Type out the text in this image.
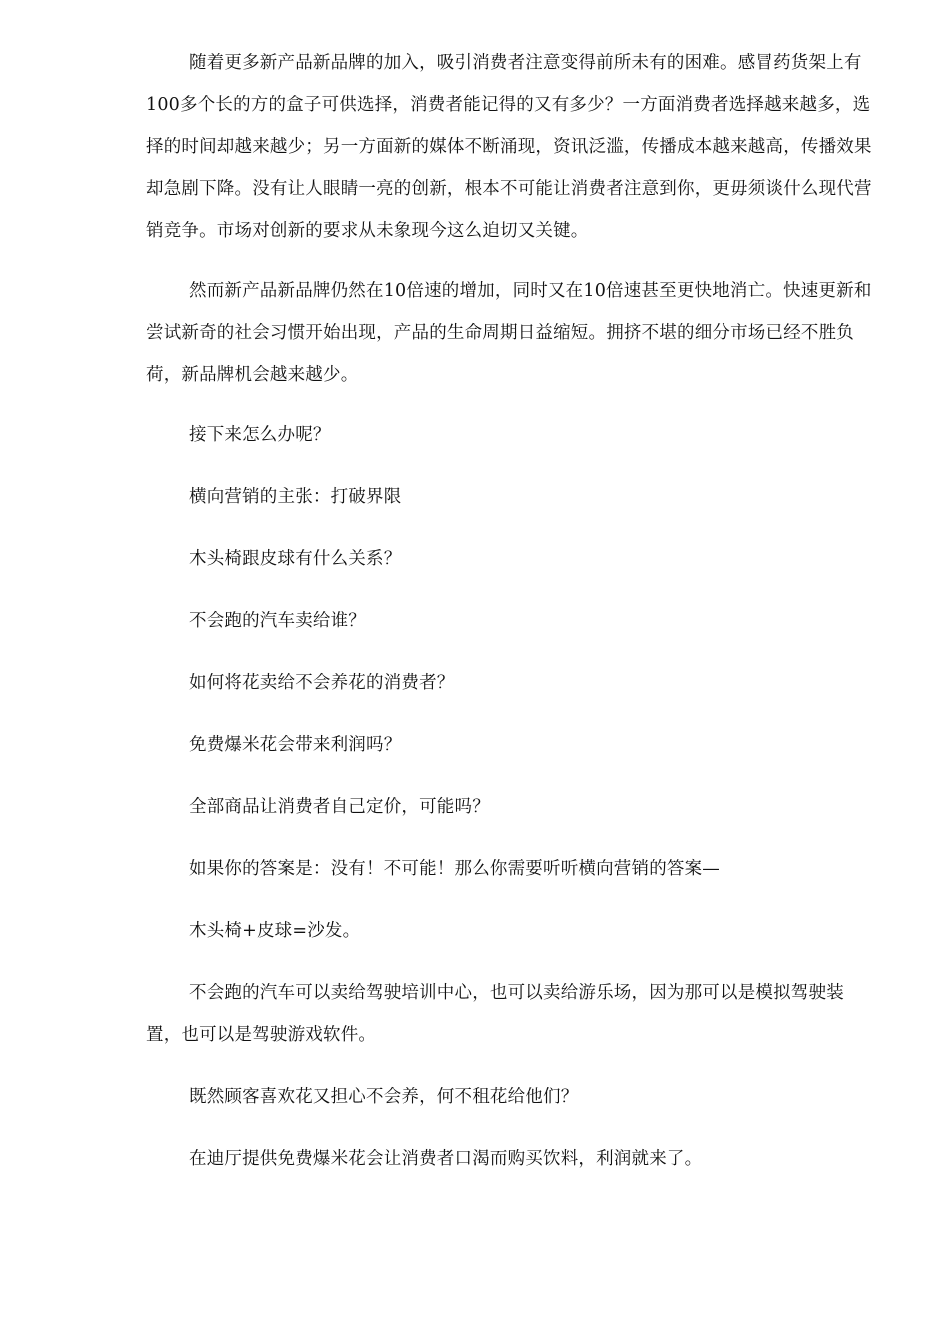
随着更多新产品新品牌的加入，吸引消费者注意变得前所未有的困难。感冒药货架上有100多个长的方的盒子可供选择，消费者能记得的又有多少？一方面消费者选择越来越多，选择的时间却越来越少；另一方面新的媒体不断涌现，资讯泛滥，传播成本越来越高，传播效果却急剧下降。没有让人眼睛一亮的创新，根本不可能让消费者注意到你，更毋须谈什么现代营销竞争。市场对创新的要求从未象现今这么迫切又关键。

然而新产品新品牌仍然在10倍速的增加，同时又在10倍速甚至更快地消亡。快速更新和尝试新奇的社会习惯开始出现，产品的生命周期日益缩短。拥挤不堪的细分市场已经不胜负荷，新品牌机会越来越少。

接下来怎么办呢？

横向营销的主张：打破界限

木头椅跟皮球有什么关系？

不会跑的汽车卖给谁？

如何将花卖给不会养花的消费者？

免费爆米花会带来利润吗？

全部商品让消费者自己定价，可能吗？

如果你的答案是：没有！不可能！那么你需要听听横向营销的答案—

木头椅+皮球=沙发。

不会跑的汽车可以卖给驾驶培训中心，也可以卖给游乐场，因为那可以是模拟驾驶装置，也可以是驾驶游戏软件。

既然顾客喜欢花又担心不会养，何不租花给他们？

在迪厅提供免费爆米花会让消费者口渴而购买饮料，利润就来了。
